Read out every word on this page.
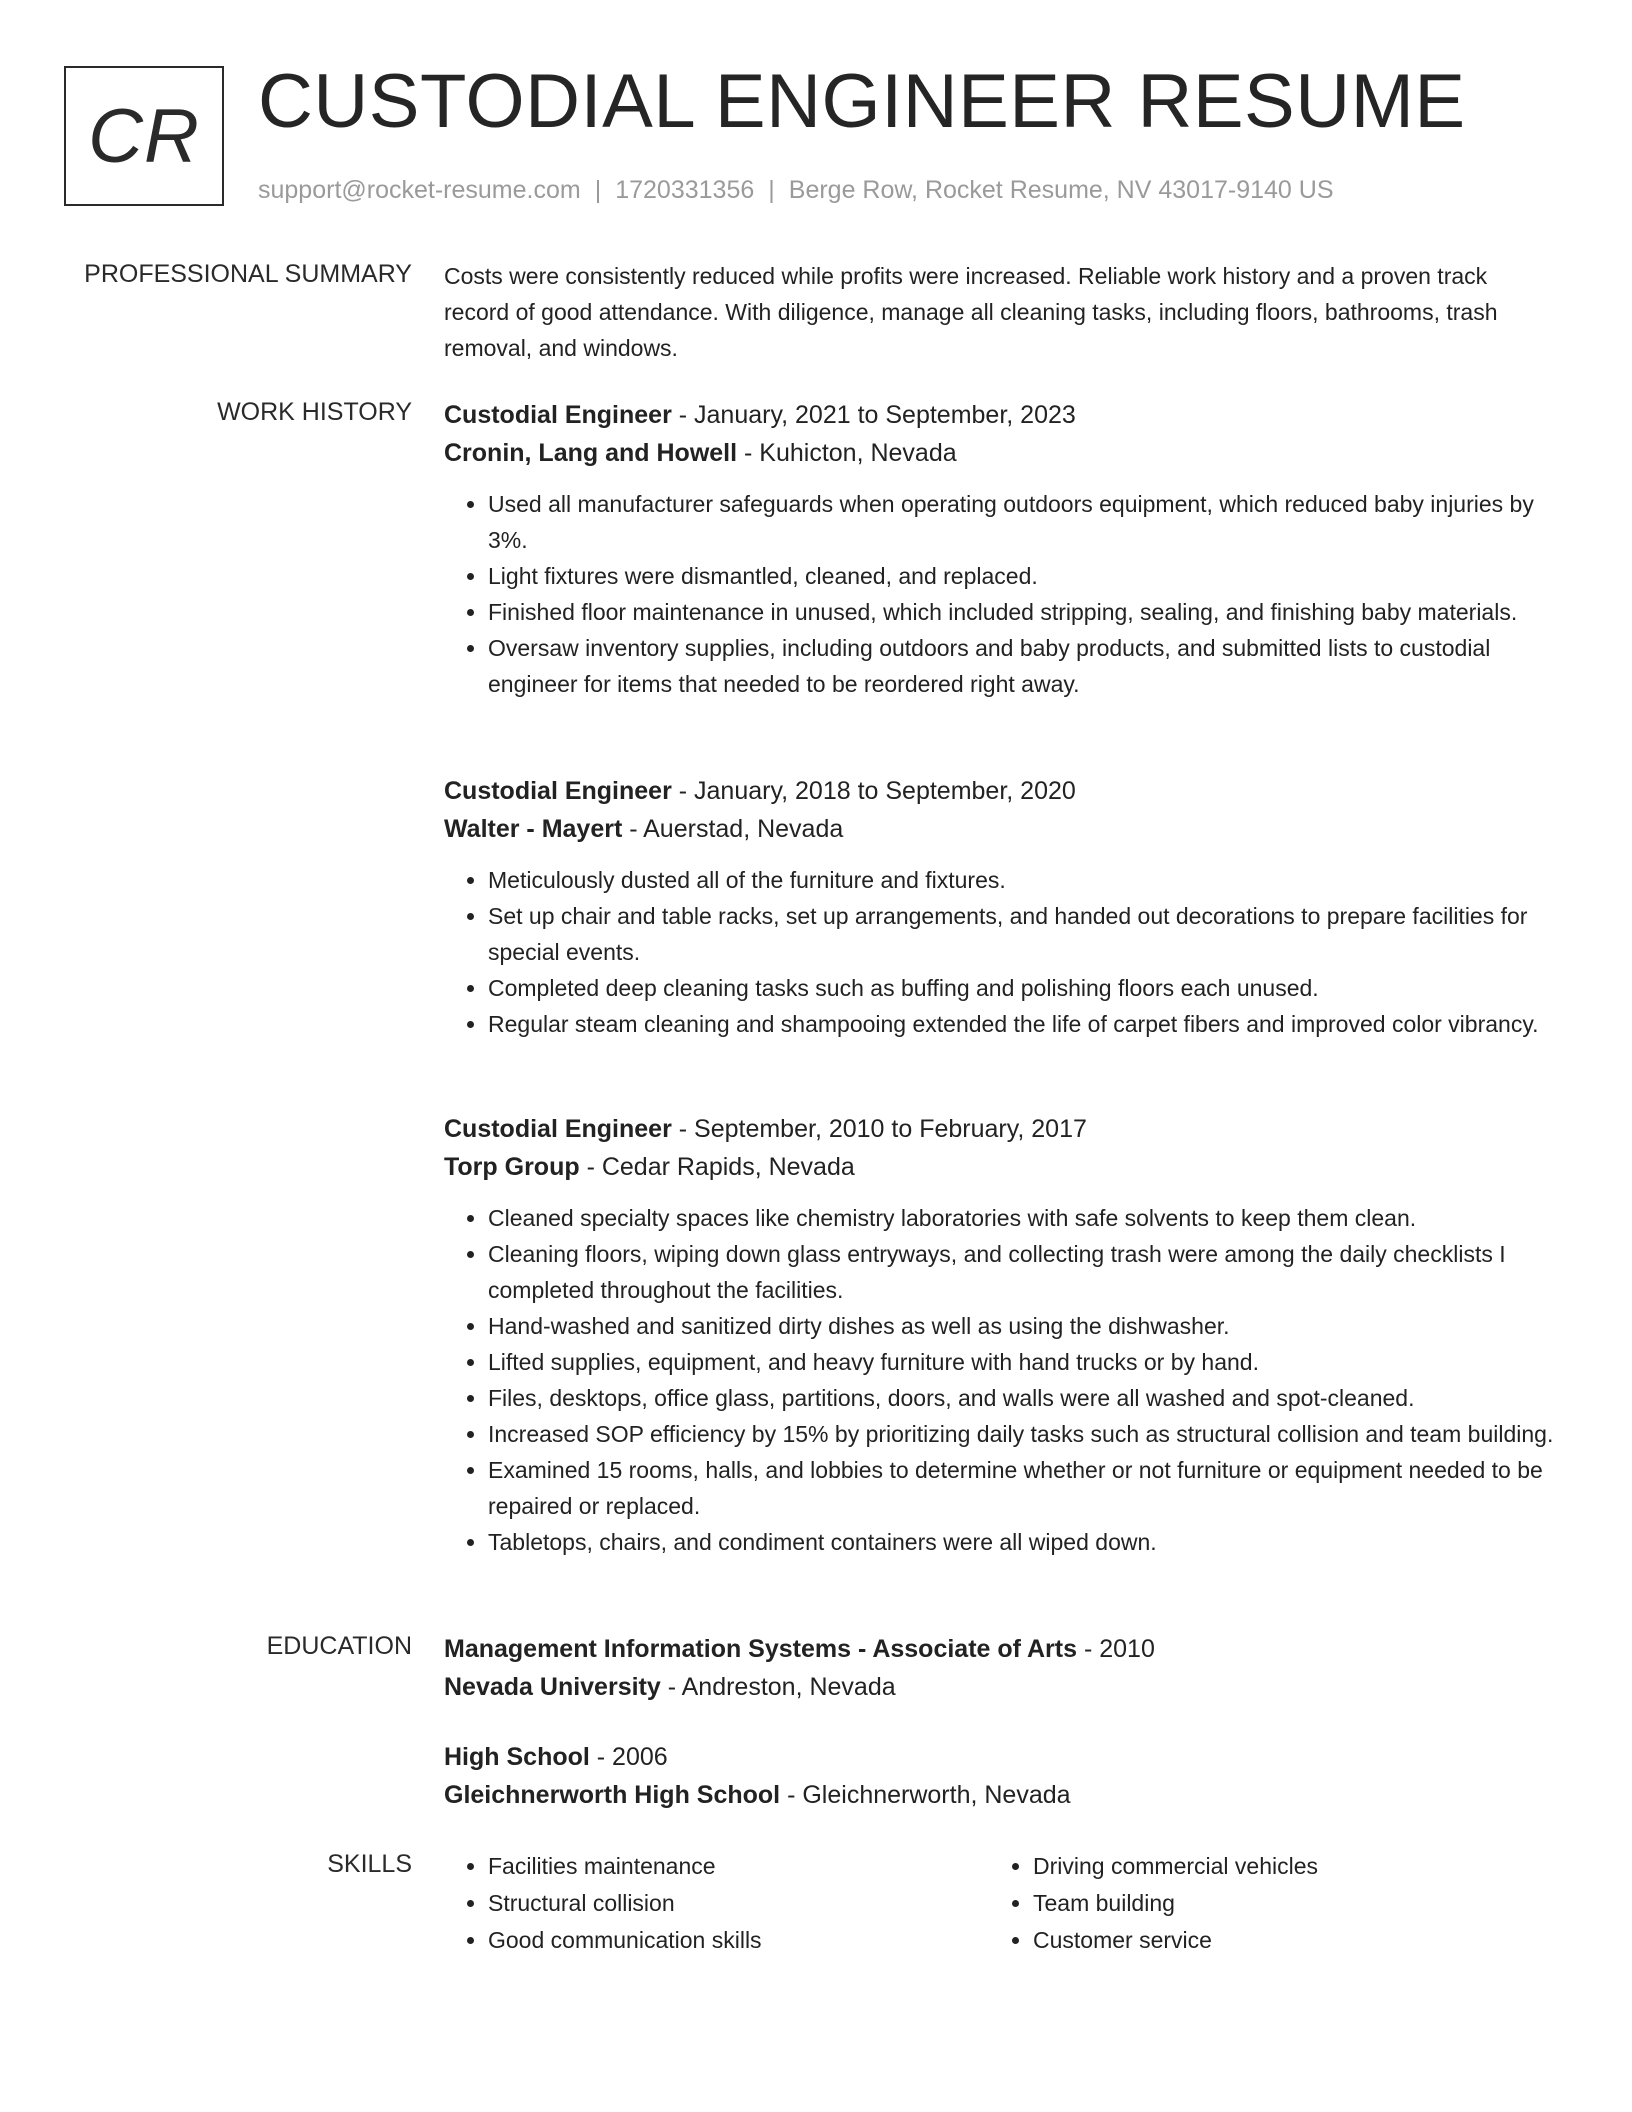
CR CUSTODIAL ENGINEER RESUME
support@rocket-resume.com | 1720331356 | Berge Row, Rocket Resume, NV 43017-9140 US
PROFESSIONAL SUMMARY Costs were consistently reduced while profits were increased. Reliable work history and a proven track record of good attendance. With diligence, manage all cleaning tasks, including floors, bathrooms, trash removal, and windows.

WORK HISTORY Custodial Engineer - January, 2021 to September, 2023

Cronin, Lang and Howell - Kuhicton, Nevada

• Used all manufacturer safeguards when operating outdoors equipment, which reduced baby injuries by 3%.
• Light fixtures were dismantled, cleaned, and replaced.
• Finished floor maintenance in unused, which included stripping, sealing, and finishing baby materials.
• Oversaw inventory supplies, including outdoors and baby products, and submitted lists to custodial engineer for items that needed to be reordered right away.

Custodial Engineer - January, 2018 to September, 2020

Walter - Mayert - Auerstad, Nevada

• Meticulously dusted all of the furniture and fixtures.
• Set up chair and table racks, set up arrangements, and handed out decorations to prepare facilities for special events.
• Completed deep cleaning tasks such as buffing and polishing floors each unused.
• Regular steam cleaning and shampooing extended the life of carpet fibers and improved color vibrancy.

Custodial Engineer - September, 2010 to February, 2017

Torp Group - Cedar Rapids, Nevada

• Cleaned specialty spaces like chemistry laboratories with safe solvents to keep them clean.
• Cleaning floors, wiping down glass entryways, and collecting trash were among the daily checklists I completed throughout the facilities.
• Hand-washed and sanitized dirty dishes as well as using the dishwasher.
• Lifted supplies, equipment, and heavy furniture with hand trucks or by hand.
• Files, desktops, office glass, partitions, doors, and walls were all washed and spot-cleaned.
• Increased SOP efficiency by 15% by prioritizing daily tasks such as structural collision and team building.
• Examined 15 rooms, halls, and lobbies to determine whether or not furniture or equipment needed to be repaired or replaced.
• Tabletops, chairs, and condiment containers were all wiped down.
EDUCATION Management Information Systems - Associate of Arts - 2010

Nevada University - Andreston, Nevada

High School - 2006

Gleichnerworth High School - Gleichnerworth, Nevada

SKILLS
•	Facilities maintenance
• Structural collision
• Good communication skills
• Driving commercial vehicles
• Team building
• Customer service
